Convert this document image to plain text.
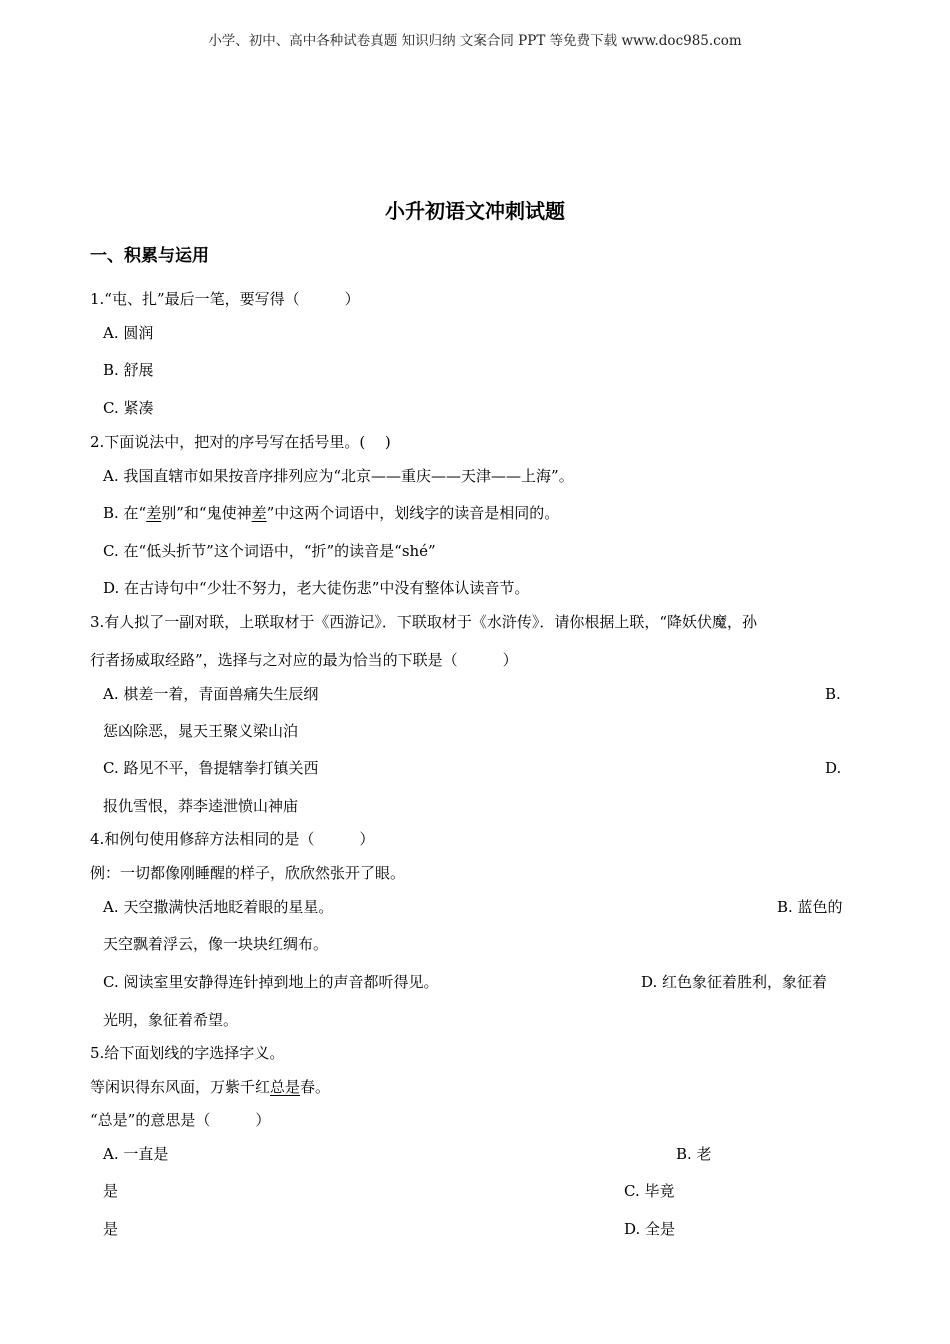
小学、初中、高中各种试卷真题 知识归纳 文案合同 PPT 等免费下载 www.doc985.com
小升初语文冲刺试题
一、积累与运用
1.“屯、扎”最后一笔，要写得（　　　）
A. 圆润
B. 舒展
C. 紧凑
2.下面说法中，把对的序号写在括号里。(　 )
A. 我国直辖市如果按音序排列应为“北京——重庆——天津——上海”。
B. 在“差别”和“鬼使神差”中这两个词语中，划线字的读音是相同的。
C. 在“低头折节”这个词语中，“折”的读音是“shé”
D. 在古诗句中“少壮不努力，老大徒伤悲”中没有整体认读音节。
3.有人拟了一副对联，上联取材于《西游记》．下联取材于《水浒传》．请你根据上联，“降妖伏魔，孙
行者扬威取经路”，选择与之对应的最为恰当的下联是（　　　）
A. 棋差一着，青面兽痛失生辰纲	B.
惩凶除恶，晁天王聚义梁山泊
C. 路见不平，鲁提辖拳打镇关西	D.
报仇雪恨，莽李逵泄愤山神庙
4.和例句使用修辞方法相同的是（　　　）
例：一切都像刚睡醒的样子，欣欣然张开了眼。
A. 天空撒满快活地眨着眼的星星。	B. 蓝色的
天空飘着浮云，像一块块红绸布。
C. 阅读室里安静得连针掉到地上的声音都听得见。	D. 红色象征着胜利，象征着
光明，象征着希望。
5.给下面划线的字选择字义。
等闲识得东风面，万紫千红总是春。
“总是”的意思是（　　　）
A. 一直是	B. 老
是	C. 毕竟
是	D. 全是
